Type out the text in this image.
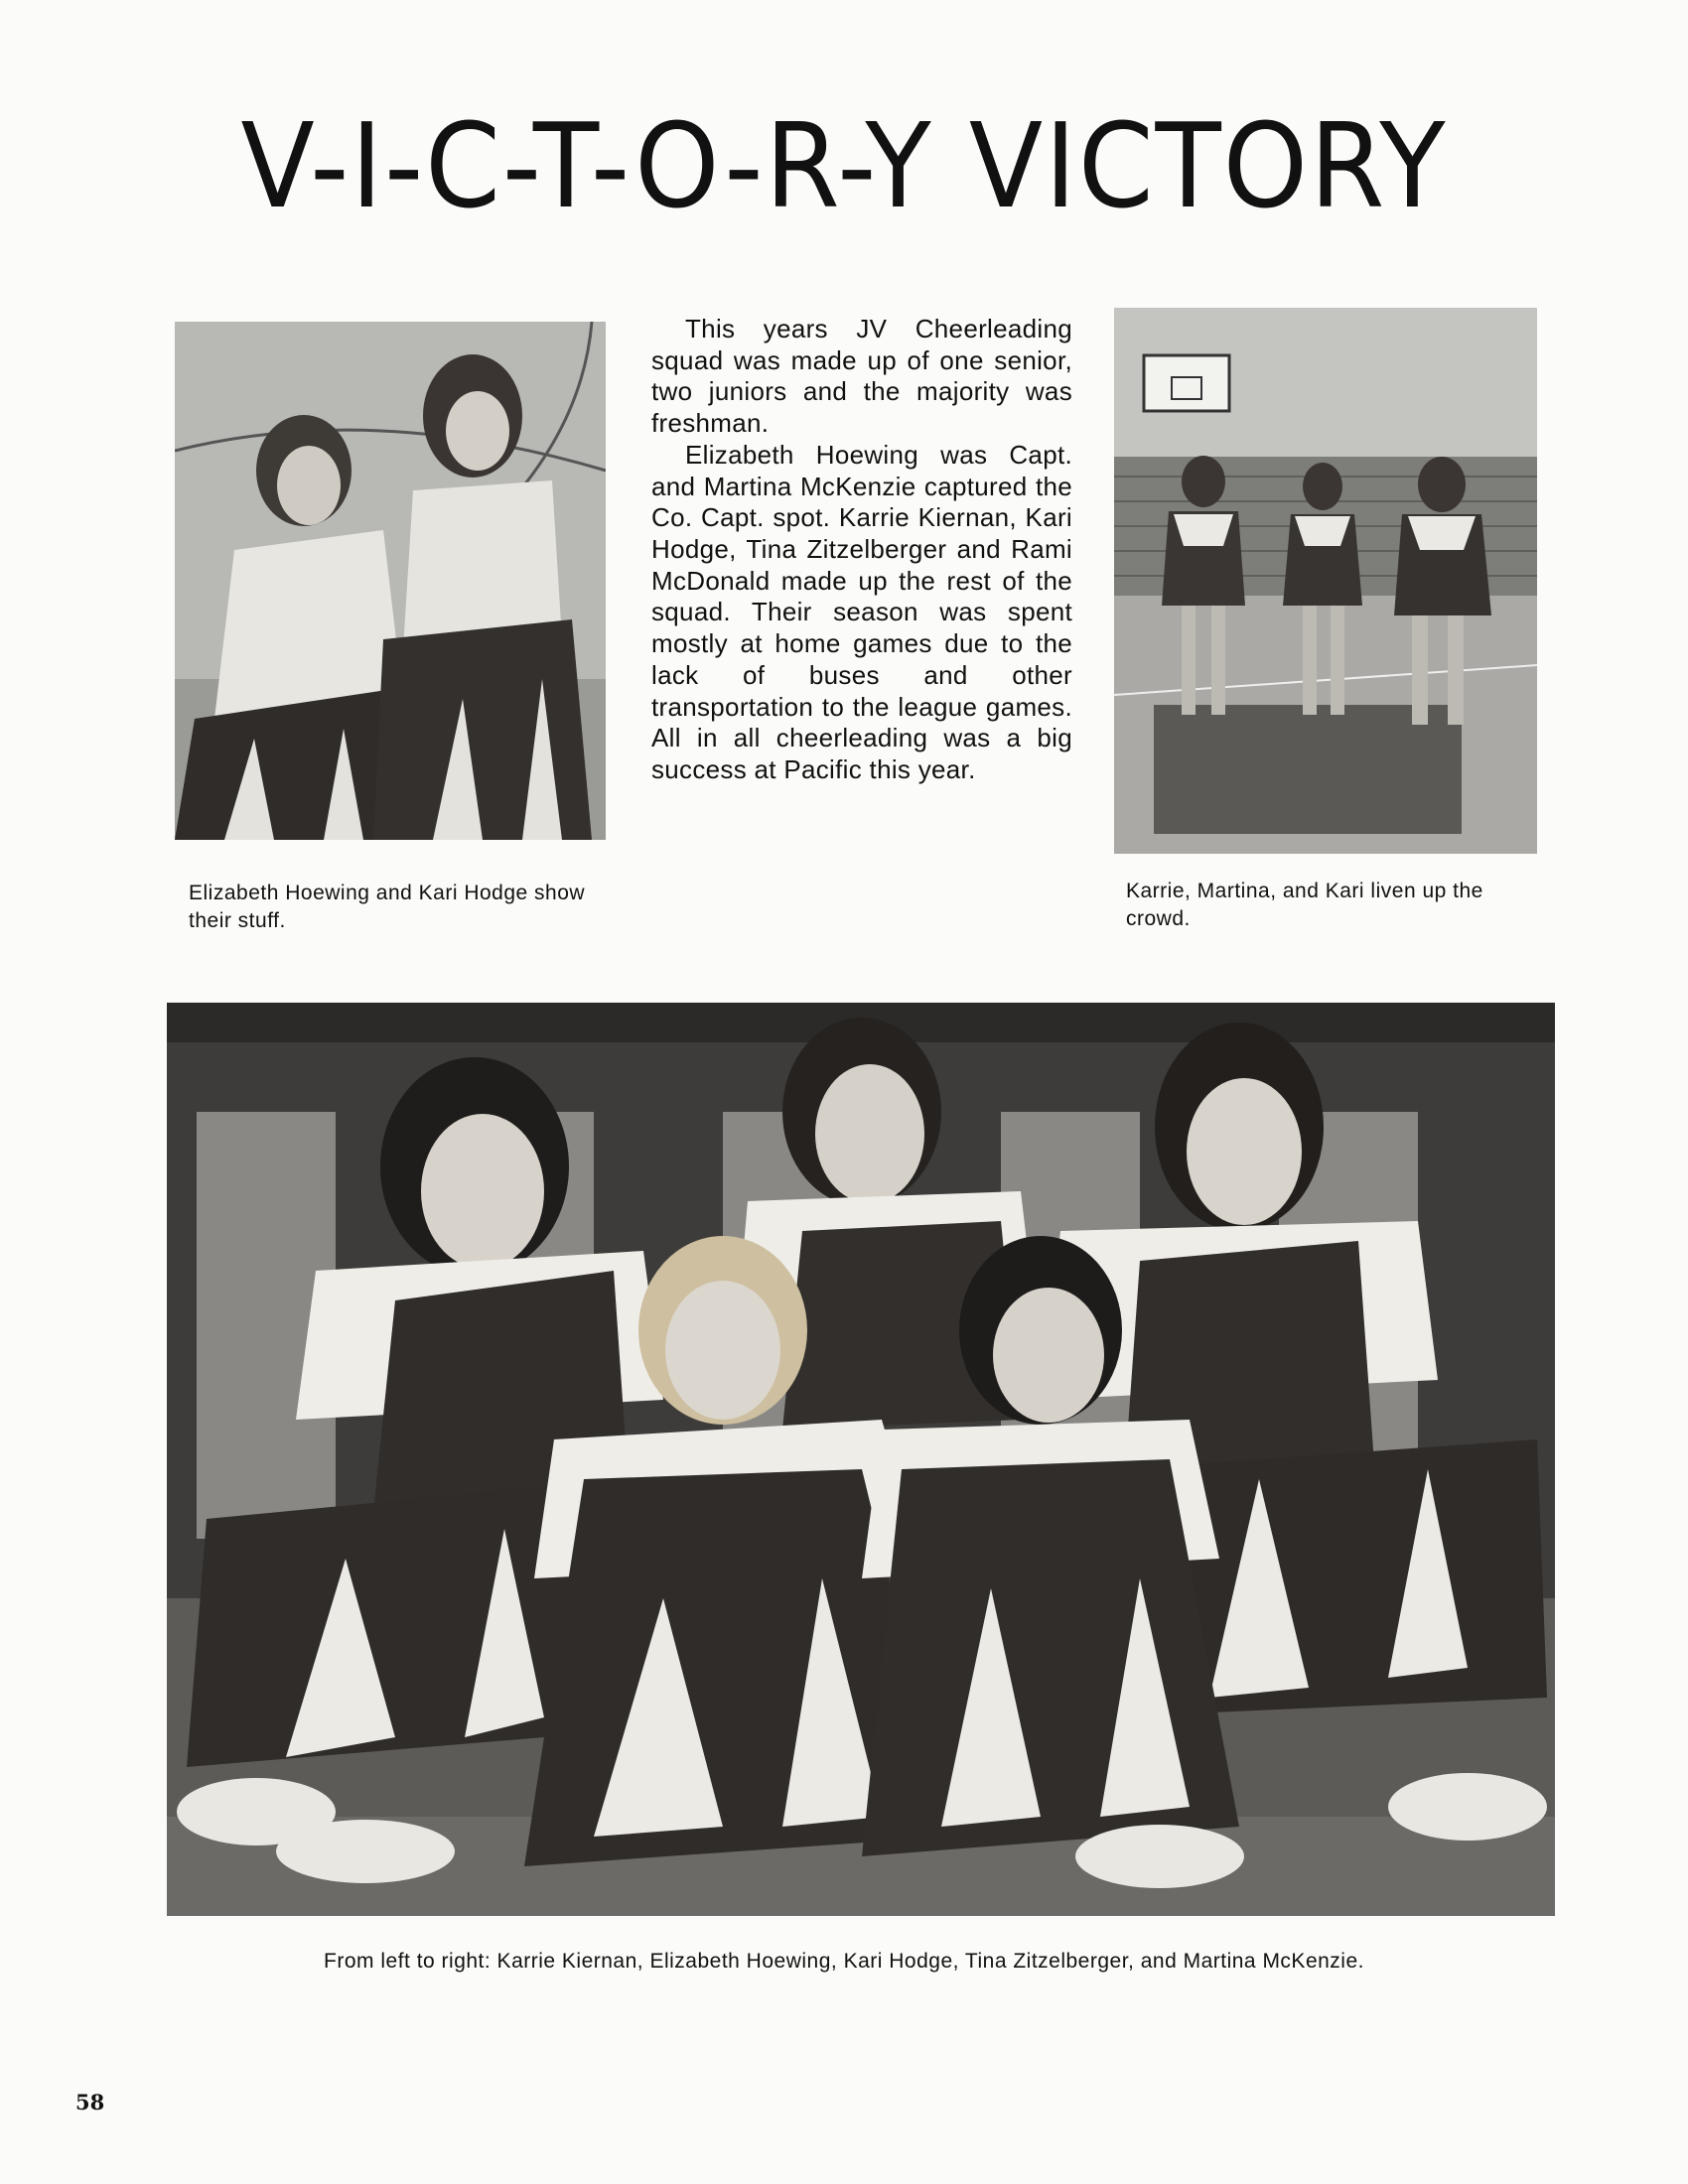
V-I-C-T-O-R-Y VICTORY
Elizabeth Hoewing and Kari Hodge show their stuff.

This years JV Cheerleading squad was made up of one senior, two juniors and the majority was freshman.

Elizabeth Hoewing was Capt. and Martina McKenzie captured the Co. Capt. spot. Karrie Kiernan, Kari Hodge, Tina Zitzelberger and Rami McDonald made up the rest of the squad. Their season was spent mostly at home games due to the lack of buses and other transportation to the league games. All in all cheerleading was a big success at Pacific this year.

Karrie, Martina, and Kari liven up the crowd.
From left to right: Karrie Kiernan, Elizabeth Hoewing, Kari Hodge, Tina Zitzelberger, and Martina McKenzie.
58
